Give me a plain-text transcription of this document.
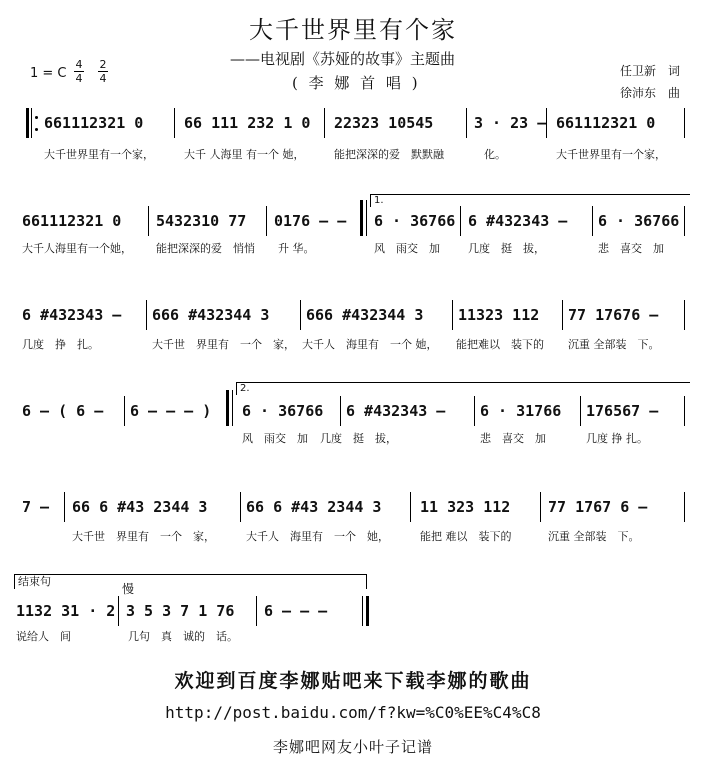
大千世界里有个家
——电视剧《苏娅的故事》主题曲
( 李 娜 首 唱 )
1 = C
4
4
2
4
任卫新　词
徐沛东　曲
661112321 0	66 111 232 1 0 22323 10545	3 · 23 – 661112321 0
大千世界里有一个家，	大千 人海里 有一个 她，	能把深深的爱　默默融	化。	大千世界里有一个家，
661112321 0 5432310 77 0176 – –
1.
6 · 36766 6 #432343 – 6 · 36766
大千人海里有一个她， 能把深深的爱　悄悄 升 华。	风　雨交　加	几度　挺　拔，	悲　喜交　加
6 #432343 – 666 #432344 3 666 #432344 3 11323 112 77 17676 –
几度　挣　扎。	大千世　界里有　一个　家， 大千人　海里有　一个 她， 能把难以　装下的 沉重 全部装　下。
6 – ( 6 – 6 – – – )
2.
6 · 36766 6 #432343 – 6 · 31766 176567 –
风　雨交　加 几度　挺　拔，	悲　喜交　加	几度 挣 扎。
7 – 66 6 #43 2344 3	66 6 #43 2344 3	11 323 112	77 1767 6 –
大千世　界里有　一个　家，	大千人　海里有　一个　她，	能把 难以　装下的	沉重 全部装　下。
结束句
慢
1132 31 · 2 3 5 3 7 1 76 6 – – –
说给人　间	几句　真　诚的　话。
欢迎到百度李娜贴吧来下载李娜的歌曲
http://post.baidu.com/f?kw=%C0%EE%C4%C8
李娜吧网友小叶子记谱
